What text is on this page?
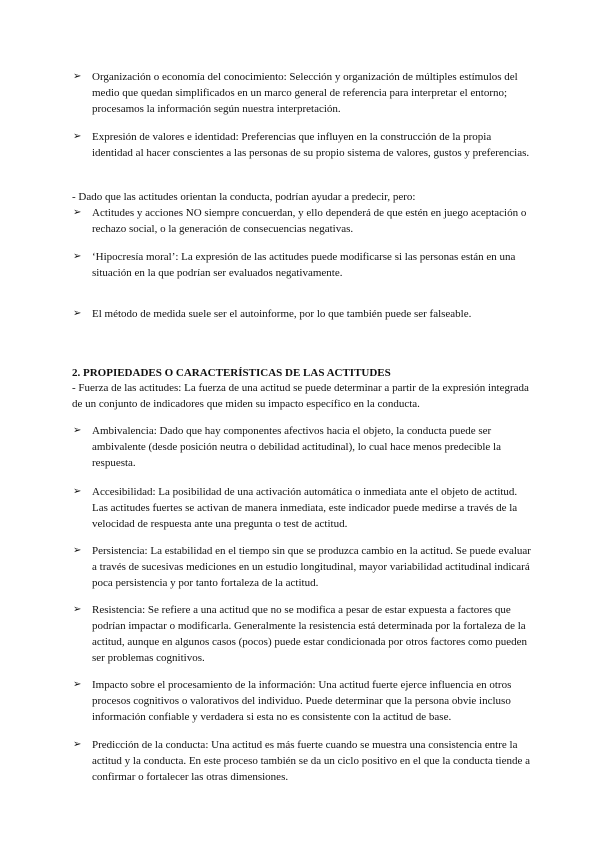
➢ Organización o economía del conocimiento: Selección y organización de múltiples estímulos del medio que quedan simplificados en un marco general de referencia para interpretar el entorno; procesamos la información según nuestra interpretación.
➢ Expresión de valores e identidad: Preferencias que influyen en la construcción de la propia identidad al hacer conscientes a las personas de su propio sistema de valores, gustos y preferencias.
- Dado que las actitudes orientan la conducta, podrían ayudar a predecir, pero:
➢ Actitudes y acciones NO siempre concuerdan, y ello dependerá de que estén en juego aceptación o rechazo social, o la generación de consecuencias negativas.
➢ ‘Hipocresía moral’: La expresión de las actitudes puede modificarse si las personas están en una situación en la que podrían ser evaluados negativamente.
➢ El método de medida suele ser el autoinforme, por lo que también puede ser falseable.
2. PROPIEDADES O CARACTERÍSTICAS DE LAS ACTITUDES
- Fuerza de las actitudes: La fuerza de una actitud se puede determinar a partir de la expresión integrada de un conjunto de indicadores que miden su impacto específico en la conducta.
➢ Ambivalencia: Dado que hay componentes afectivos hacia el objeto, la conducta puede ser ambivalente (desde posición neutra o debilidad actitudinal), lo cual hace menos predecible la respuesta.
➢ Accesibilidad: La posibilidad de una activación automática o inmediata ante el objeto de actitud. Las actitudes fuertes se activan de manera inmediata, este indicador puede medirse a través de la velocidad de respuesta ante una pregunta o test de actitud.
➢ Persistencia: La estabilidad en el tiempo sin que se produzca cambio en la actitud. Se puede evaluar a través de sucesivas mediciones en un estudio longitudinal, mayor variabilidad actitudinal indicará poca persistencia y por tanto fortaleza de la actitud.
➢ Resistencia: Se refiere a una actitud que no se modifica a pesar de estar expuesta a factores que podrían impactar o modificarla. Generalmente la resistencia está determinada por la fortaleza de la actitud, aunque en algunos casos (pocos) puede estar condicionada por otros factores como pueden ser problemas cognitivos.
➢ Impacto sobre el procesamiento de la información: Una actitud fuerte ejerce influencia en otros procesos cognitivos o valorativos del individuo. Puede determinar que la persona obvie incluso información confiable y verdadera si esta no es consistente con la actitud de base.
➢ Predicción de la conducta: Una actitud es más fuerte cuando se muestra una consistencia entre la actitud y la conducta. En este proceso también se da un ciclo positivo en el que la conducta tiende a confirmar o fortalecer las otras dimensiones.
